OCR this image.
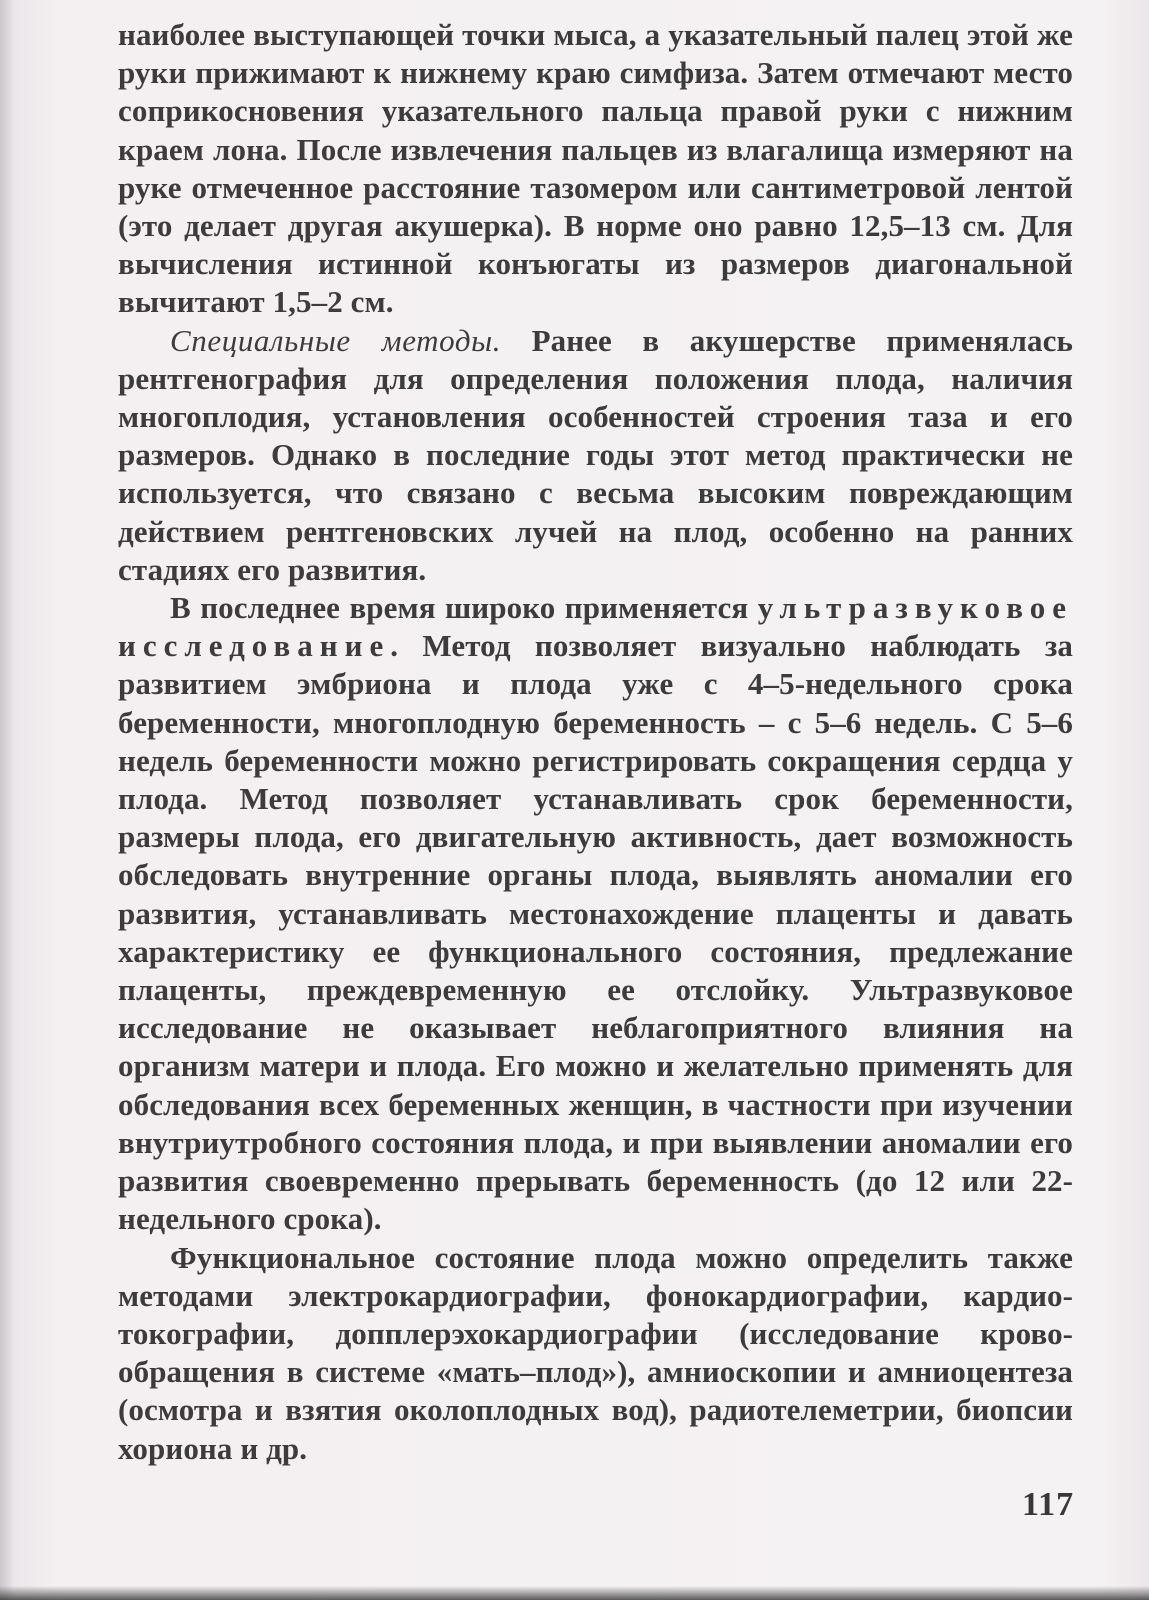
наиболее выступающей точки мыса, а указательный палец этой же руки прижимают к нижнему краю симфиза. Затем отмечают место соприкосновения указательного пальца правой руки с нижним краем лона. После извлечения пальцев из влагалища измеряют на руке отмеченное расстояние тазомером или сантиметровой лентой (это делает другая акушерка). В норме оно равно 12,5–13 см. Для вычисления истинной конъюгаты из размеров диагональной вычитают 1,5–2 см.

Специальные методы. Ранее в акушерстве применялась рентгенография для определения положения плода, наличия многоплодия, установления особенностей строения таза и его размеров. Однако в последние годы этот метод практически не используется, что связано с весьма высоким повреждающим действием рентгеновских лучей на плод, особенно на ранних стадиях его развития.

В последнее время широко применяется ультразвуковое исследование. Метод позволяет визуально наблюдать за развитием эмбриона и плода уже с 4–5-недельного срока беременности, многоплодную беременность – с 5–6 недель. С 5–6 недель беременности можно регистрировать сокращения сердца у плода. Метод позволяет устанавливать срок беременности, размеры плода, его двигательную активность, дает возможность обследовать внутренние органы плода, выявлять аномалии его развития, устанавливать местонахождение плаценты и давать характеристику ее функционального состояния, предлежание плаценты, преждевременную ее отслойку. Ультразвуковое исследование не оказывает неблагоприятного влияния на организм матери и плода. Его можно и желательно применять для обследования всех беременных женщин, в частности при изучении внутриутробного состояния плода, и при выявлении аномалии его развития своевременно прерывать беременность (до 12 или 22-недельного срока).

Функциональное состояние плода можно определить также методами электрокардиографии, фонокардиографии, кардиотокографии, допплерэхокардиографии (исследование кровообращения в системе «мать–плод»), амниоскопии и амниоцентеза (осмотра и взятия околоплодных вод), радиотелеметрии, биопсии хориона и др.

117
